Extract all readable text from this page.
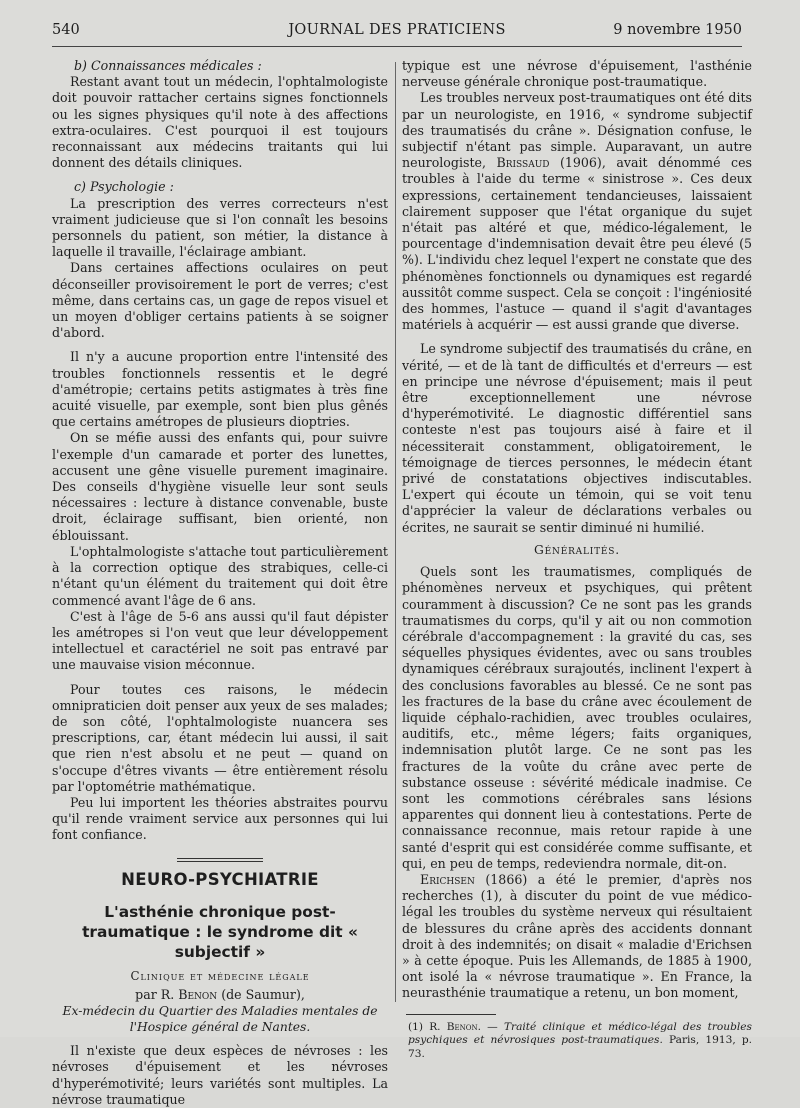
540	JOURNAL DES PRATICIENS	9 novembre 1950
b) Connaissances médicales :

Restant avant tout un médecin, l'ophtalmologiste doit pouvoir rattacher certains signes fonctionnels ou les signes physiques qu'il note à des affections extra-oculaires. C'est pourquoi il est toujours reconnaissant aux médecins traitants qui lui donnent des détails cliniques.

c) Psychologie :

La prescription des verres correcteurs n'est vraiment judicieuse que si l'on connaît les besoins personnels du patient, son métier, la distance à laquelle il travaille, l'éclairage ambiant.

Dans certaines affections oculaires on peut déconseiller provisoirement le port de verres; c'est même, dans certains cas, un gage de repos visuel et un moyen d'obliger certains patients à se soigner d'abord.

Il n'y a aucune proportion entre l'intensité des troubles fonctionnels ressentis et le degré d'amétropie; certains petits astigmates à très fine acuité visuelle, par exemple, sont bien plus gênés que certains amétropes de plusieurs dioptries.

On se méfie aussi des enfants qui, pour suivre l'exemple d'un camarade et porter des lunettes, accusent une gêne visuelle purement imaginaire. Des conseils d'hygiène visuelle leur sont seuls nécessaires : lecture à distance convenable, buste droit, éclairage suffisant, bien orienté, non éblouissant.

L'ophtalmologiste s'attache tout particulièrement à la correction optique des strabiques, celle-ci n'étant qu'un élément du traitement qui doit être commencé avant l'âge de 6 ans.

C'est à l'âge de 5-6 ans aussi qu'il faut dépister les amétropes si l'on veut que leur développement intellectuel et caractériel ne soit pas entravé par une mauvaise vision méconnue.

Pour toutes ces raisons, le médecin omnipraticien doit penser aux yeux de ses malades; de son côté, l'ophtalmologiste nuancera ses prescriptions, car, étant médecin lui aussi, il sait que rien n'est absolu et ne peut — quand on s'occupe d'êtres vivants — être entièrement résolu par l'optométrie mathématique.

Peu lui importent les théories abstraites pourvu qu'il rende vraiment service aux personnes qui lui font confiance.

NEURO-PSYCHIATRIE
L'asthénie chronique post-traumatique : le syndrome dit « subjectif »
Clinique et médecine légale
par R. Benon (de Saumur),
Ex-médecin du Quartier des Maladies mentales de l'Hospice général de Nantes.

Il n'existe que deux espèces de névroses : les névroses d'épuisement et les névroses d'hyperémotivité; leurs variétés sont multiples. La névrose traumatique

typique est une névrose d'épuisement, l'asthénie nerveuse générale chronique post-traumatique.

Les troubles nerveux post-traumatiques ont été dits par un neurologiste, en 1916, « syndrome subjectif des traumatisés du crâne ». Désignation confuse, le subjectif n'étant pas simple. Auparavant, un autre neurologiste, Brissaud (1906), avait dénommé ces troubles à l'aide du terme « sinistrose ». Ces deux expressions, certainement tendancieuses, laissaient clairement supposer que l'état organique du sujet n'était pas altéré et que, médico-légalement, le pourcentage d'indemnisation devait être peu élevé (5 %). L'individu chez lequel l'expert ne constate que des phénomènes fonctionnels ou dynamiques est regardé aussitôt comme suspect. Cela se conçoit : l'ingéniosité des hommes, l'astuce — quand il s'agit d'avantages matériels à acquérir — est aussi grande que diverse.

Le syndrome subjectif des traumatisés du crâne, en vérité, — et de là tant de difficultés et d'erreurs — est en principe une névrose d'épuisement; mais il peut être exceptionnellement une névrose d'hyperémotivité. Le diagnostic différentiel sans conteste n'est pas toujours aisé à faire et il nécessiterait constamment, obligatoirement, le témoignage de tierces personnes, le médecin étant privé de constatations objectives indiscutables. L'expert qui écoute un témoin, qui se voit tenu d'apprécier la valeur de déclarations verbales ou écrites, ne saurait se sentir diminué ni humilié.

Généralités.

Quels sont les traumatismes, compliqués de phénomènes nerveux et psychiques, qui prêtent couramment à discussion? Ce ne sont pas les grands traumatismes du corps, qu'il y ait ou non commotion cérébrale d'accompagnement : la gravité du cas, ses séquelles physiques évidentes, avec ou sans troubles dynamiques cérébraux surajoutés, inclinent l'expert à des conclusions favorables au blessé. Ce ne sont pas les fractures de la base du crâne avec écoulement de liquide céphalo-rachidien, avec troubles oculaires, auditifs, etc., même légers; faits organiques, indemnisation plutôt large. Ce ne sont pas les fractures de la voûte du crâne avec perte de substance osseuse : sévérité médicale inadmise. Ce sont les commotions cérébrales sans lésions apparentes qui donnent lieu à contestations. Perte de connaissance reconnue, mais retour rapide à une santé d'esprit qui est considérée comme suffisante, et qui, en peu de temps, redeviendra normale, dit-on.

Erichsen (1866) a été le premier, d'après nos recherches (1), à discuter du point de vue médico-légal les troubles du système nerveux qui résultaient de blessures du crâne après des accidents donnant droit à des indemnités; on disait « maladie d'Erichsen » à cette époque. Puis les Allemands, de 1885 à 1900, ont isolé la « névrose traumatique ». En France, la neurasthénie traumatique a retenu, un bon moment,

(1) R. Benon. — Traité clinique et médico-légal des troubles psychiques et névrosiques post-traumatiques. Paris, 1913, p. 73.
